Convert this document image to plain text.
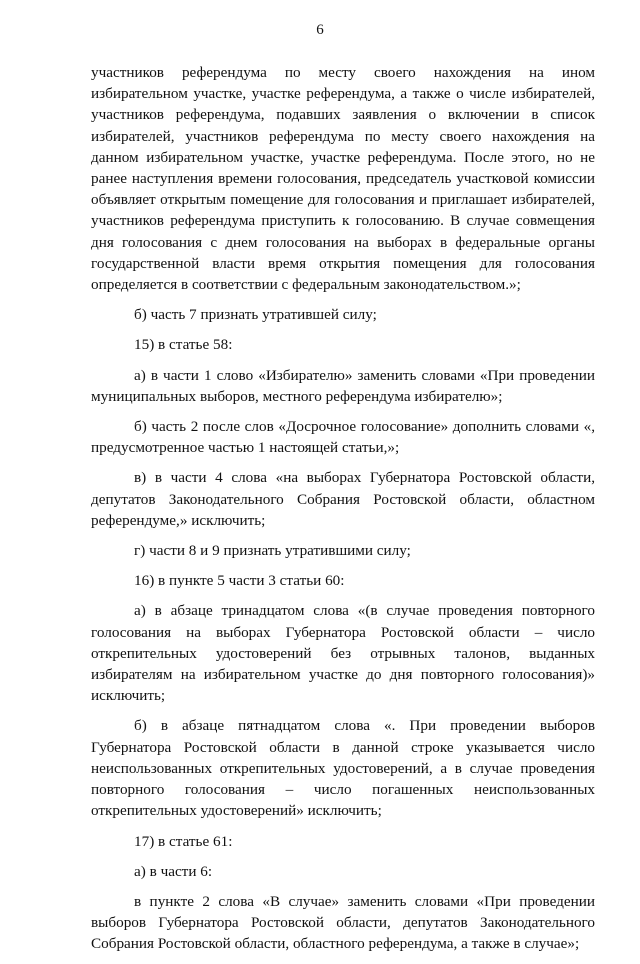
6

участников референдума по месту своего нахождения на ином избирательном участке, участке референдума, а также о числе избирателей, участников референдума, подавших заявления о включении в список избирателей, участников референдума по месту своего нахождения на данном избирательном участке, участке референдума. После этого, но не ранее наступления времени голосования, председатель участковой комиссии объявляет открытым помещение для голосования и приглашает избирателей, участников референдума приступить к голосованию. В случае совмещения дня голосования с днем голосования на выборах в федеральные органы государственной власти время открытия помещения для голосования определяется в соответствии с федеральным законодательством.»;

б) часть 7 признать утратившей силу;

15) в статье 58:

а) в части 1 слово «Избирателю» заменить словами «При проведении муниципальных выборов, местного референдума избирателю»;

б) часть 2 после слов «Досрочное голосование» дополнить словами «, предусмотренное частью 1 настоящей статьи,»;

в) в части 4 слова «на выборах Губернатора Ростовской области, депутатов Законодательного Собрания Ростовской области, областном референдуме,» исключить;

г) части 8 и 9 признать утратившими силу;

16) в пункте 5 части 3 статьи 60:

а) в абзаце тринадцатом слова «(в случае проведения повторного голосования на выборах Губернатора Ростовской области – число открепительных удостоверений без отрывных талонов, выданных избирателям на избирательном участке до дня повторного голосования)» исключить;

б) в абзаце пятнадцатом слова «. При проведении выборов Губернатора Ростовской области в данной строке указывается число неиспользованных открепительных удостоверений, а в случае проведения повторного голосования – число погашенных неиспользованных открепительных удостоверений» исключить;

17) в статье 61:

а) в части 6:

в пункте 2 слова «В случае» заменить словами «При проведении выборов Губернатора Ростовской области, депутатов Законодательного Собрания Ростовской области, областного референдума, а также в случае»;
